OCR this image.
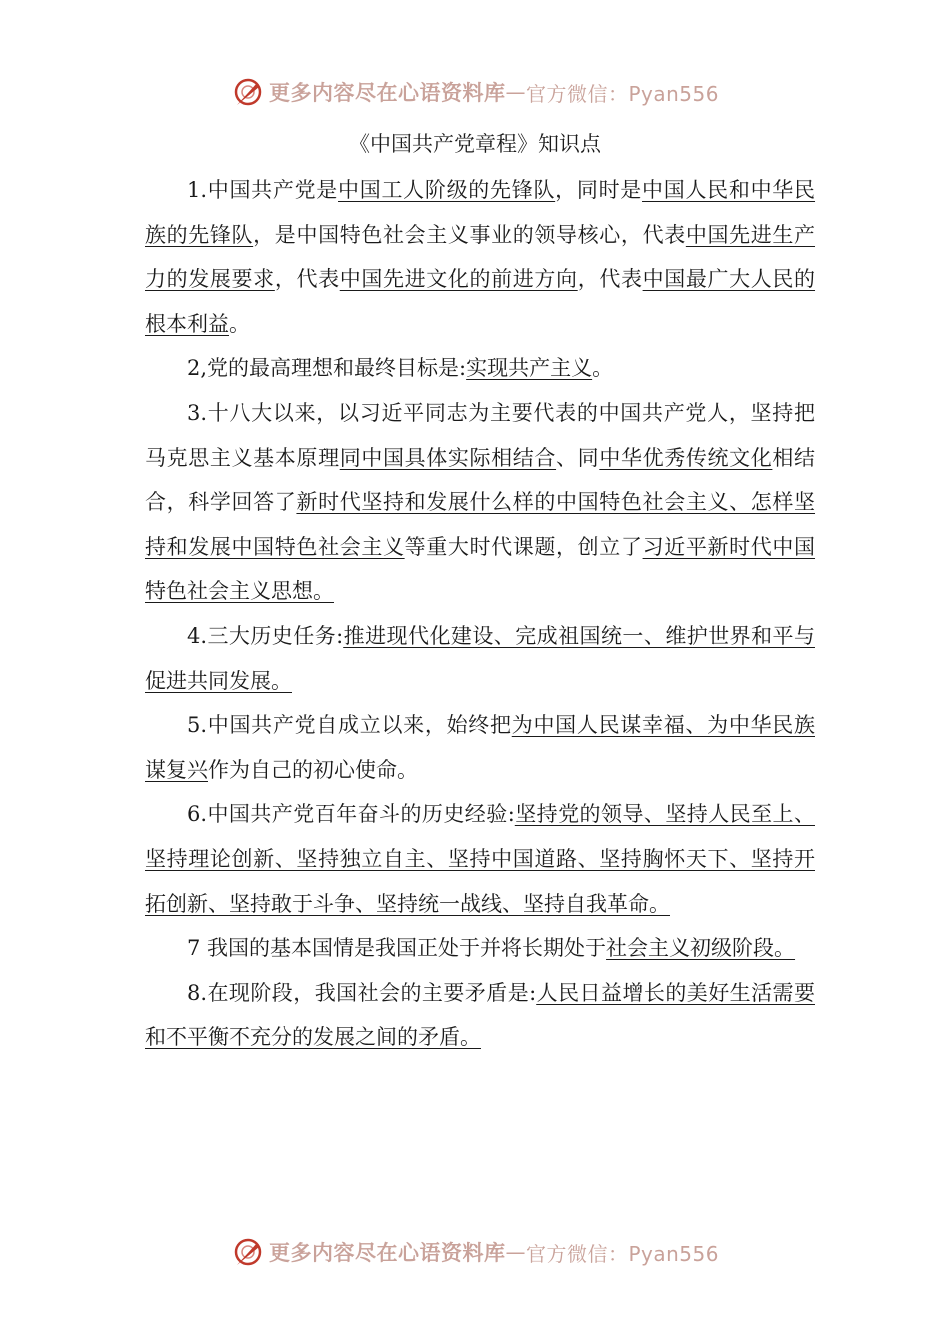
更多内容尽在心语资料库 — 官方微信：Pyan556
《中国共产党章程》知识点

1.中国共产党是中国工人阶级的先锋队，同时是中国人民和中华民族的先锋队，是中国特色社会主义事业的领导核心，代表中国先进生产力的发展要求，代表中国先进文化的前进方向，代表中国最广大人民的根本利益。

2,党的最高理想和最终目标是:实现共产主义。

3.十八大以来，以习近平同志为主要代表的中国共产党人，坚持把马克思主义基本原理同中国具体实际相结合、同中华优秀传统文化相结合，科学回答了新时代坚持和发展什么样的中国特色社会主义、怎样坚持和发展中国特色社会主义等重大时代课题，创立了习近平新时代中国特色社会主义思想。

4.三大历史任务:推进现代化建设、完成祖国统一、维护世界和平与促进共同发展。

5.中国共产党自成立以来，始终把为中国人民谋幸福、为中华民族谋复兴作为自己的初心使命。

6.中国共产党百年奋斗的历史经验:坚持党的领导、坚持人民至上、坚持理论创新、坚持独立自主、坚持中国道路、坚持胸怀天下、坚持开拓创新、坚持敢于斗争、坚持统一战线、坚持自我革命。

7 我国的基本国情是我国正处于并将长期处于社会主义初级阶段。

8.在现阶段，我国社会的主要矛盾是:人民日益增长的美好生活需要和不平衡不充分的发展之间的矛盾。

更多内容尽在心语资料库 — 官方微信：Pyan556
